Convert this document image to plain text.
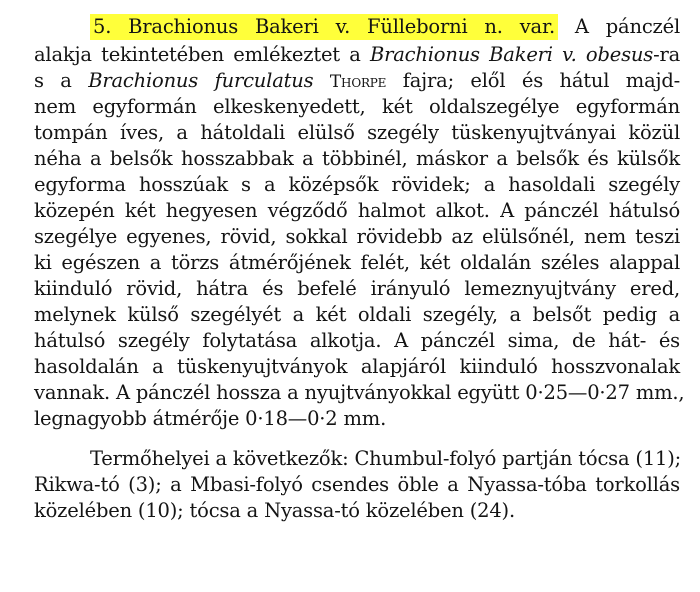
5. Brachionus Bakeri v. Fülleborni n. var. A pánczél
alakja tekintetében emlékeztet a Brachionus Bakeri v. obesus-ra
s a Brachionus furculatus Thorpe fajra; elől és hátul majd-
nem egyformán elkeskenyedett, két oldalszegélye egyformán
tompán íves, a hátoldali elülső szegély tüskenyujtványai közül
néha a belsők hosszabbak a többinél, máskor a belsők és külsők
egyforma hosszúak s a középsők rövidek; a hasoldali szegély
közepén két hegyesen végződő halmot alkot. A pánczél hátulsó
szegélye egyenes, rövid, sokkal rövidebb az elülsőnél, nem teszi
ki egészen a törzs átmérőjének felét, két oldalán széles alappal
kiinduló rövid, hátra és befelé irányuló lemeznyujtvány ered,
melynek külső szegélyét a két oldali szegély, a belsőt pedig a
hátulsó szegély folytatása alkotja. A pánczél sima, de hát- és
hasoldalán a tüskenyujtványok alapjáról kiinduló hosszvonalak
vannak. A pánczél hossza a nyujtványokkal együtt 0·25—0·27 mm.,
legnagyobb átmérője 0·18—0·2 mm.
Termőhelyei a következők: Chumbul-folyó partján tócsa (11);
Rikwa-tó (3); a Mbasi-folyó csendes öble a Nyassa-tóba torkollás
közelében (10); tócsa a Nyassa-tó közelében (24).
